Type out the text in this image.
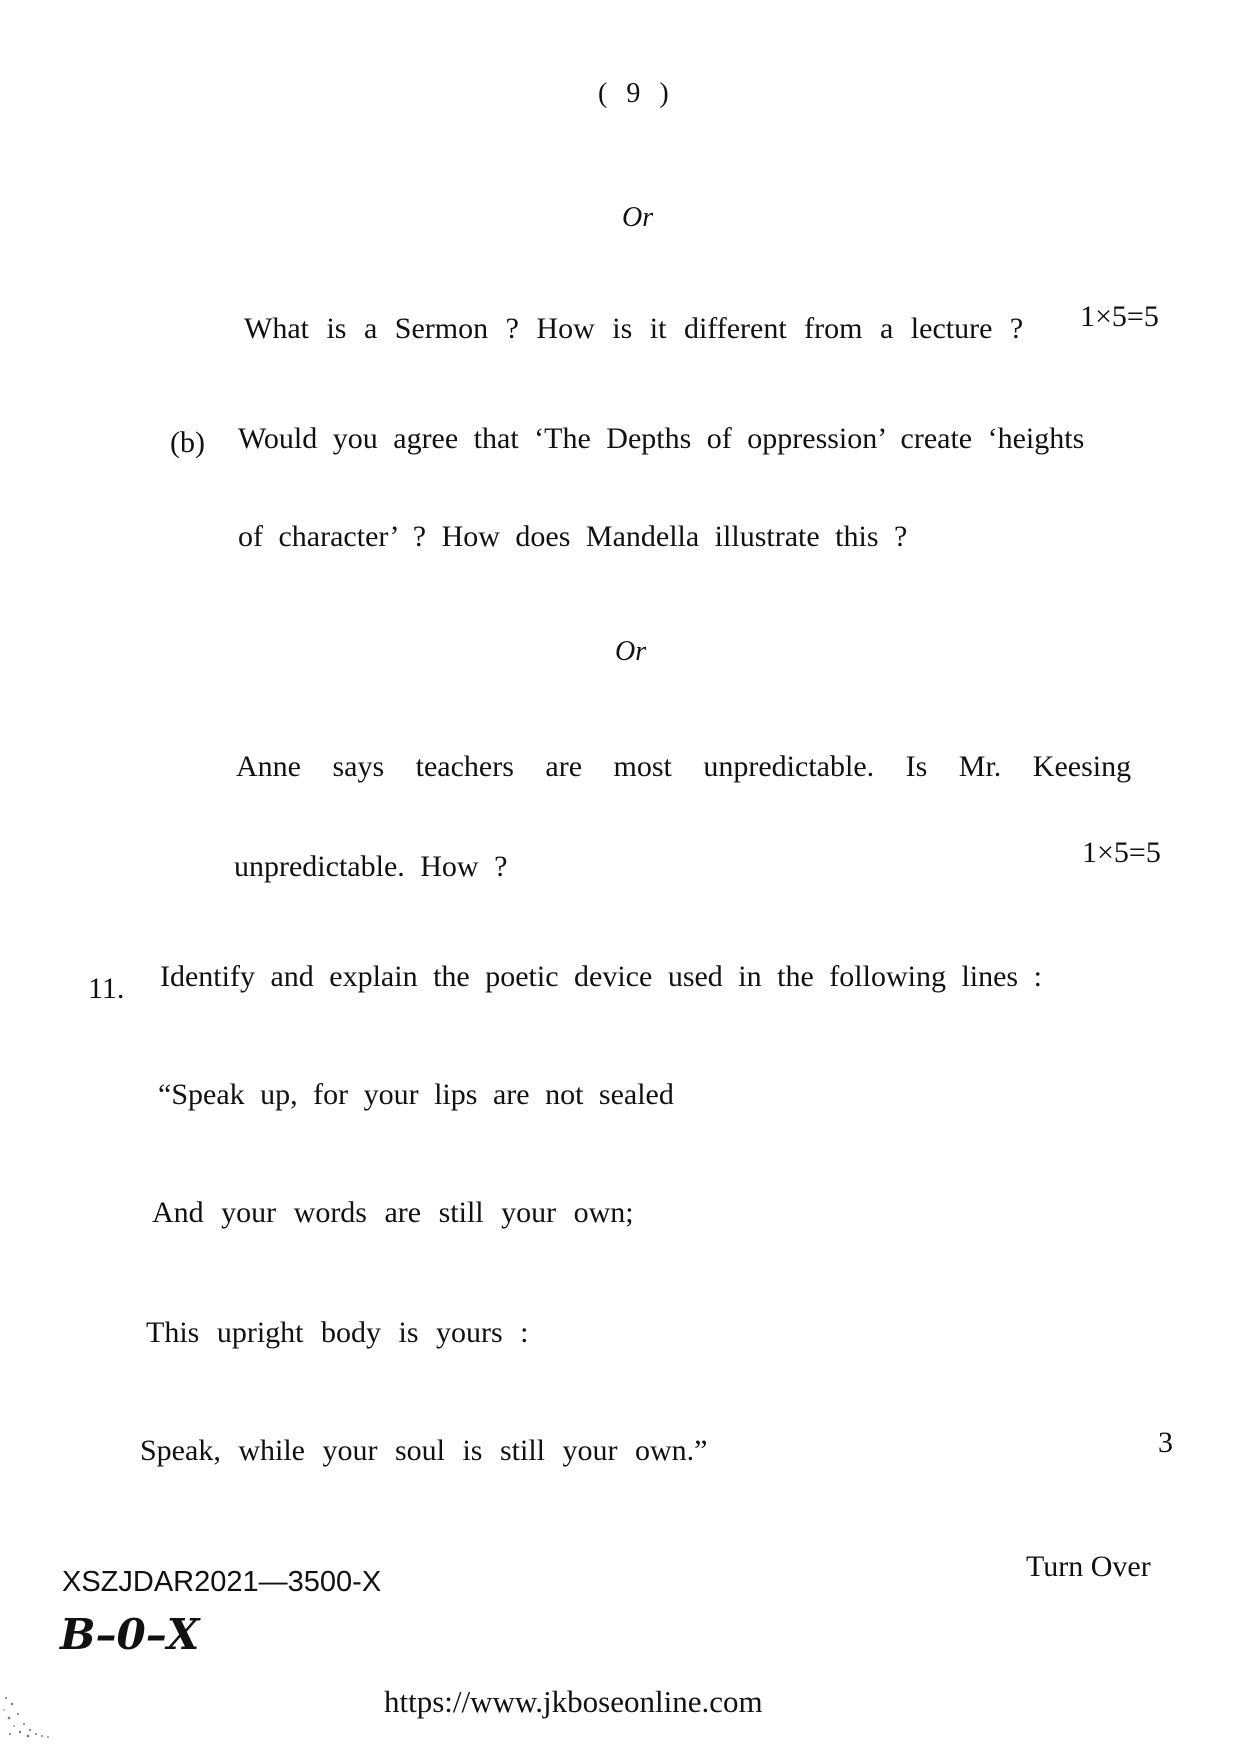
( 9 )
Or
What is a Sermon ? How is it different from a lecture ? 1×5=5
(b) Would you agree that ‘The Depths of oppression’ create ‘heights
of character’ ? How does Mandella illustrate this ?
Or
Anne says teachers are most unpredictable. Is Mr. Keesing
unpredictable. How ?	1×5=5
11. Identify and explain the poetic device used in the following lines :
“Speak up, for your lips are not sealed
And your words are still your own;
This upright body is yours :
Speak, while your soul is still your own.”	3
XSZJDAR2021—3500-X	Turn Over
B–0–X
https://www.jkboseonline.com
